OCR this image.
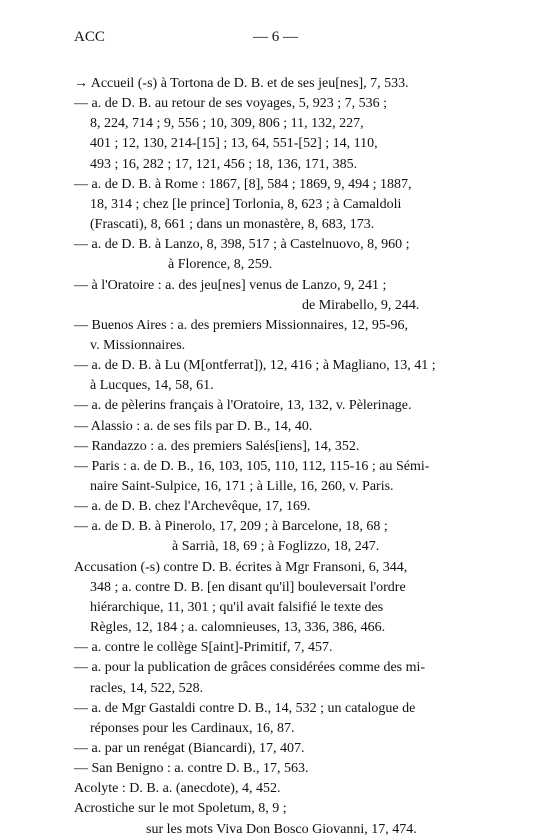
ACC	— 6 —
→ Accueil (-s) à Tortona de D. B. et de ses jeu[nes], 7, 533.
— a. de D. B. au retour de ses voyages, 5, 923 ; 7, 536 ;
8, 224, 714 ; 9, 556 ; 10, 309, 806 ; 11, 132, 227,
401 ; 12, 130, 214-[15] ; 13, 64, 551-[52] ; 14, 110,
493 ; 16, 282 ; 17, 121, 456 ; 18, 136, 171, 385.
— a. de D. B. à Rome : 1867, [8], 584 ; 1869, 9, 494 ; 1887,
18, 314 ; chez [le prince] Torlonia, 8, 623 ; à Camaldoli
(Frascati), 8, 661 ; dans un monastère, 8, 683, 173.
— a. de D. B. à Lanzo, 8, 398, 517 ; à Castelnuovo, 8, 960 ;
à Florence, 8, 259.
— à l'Oratoire : a. des jeu[nes] venus de Lanzo, 9, 241 ;
de Mirabello, 9, 244.
— Buenos Aires : a. des premiers Missionnaires, 12, 95-96,
v. Missionnaires.
— a. de D. B. à Lu (M[ontferrat]), 12, 416 ; à Magliano, 13, 41 ;
à Lucques, 14, 58, 61.
— a. de pèlerins français à l'Oratoire, 13, 132, v. Pèlerinage.
— Alassio : a. de ses fils par D. B., 14, 40.
— Randazzo : a. des premiers Salés[iens], 14, 352.
— Paris : a. de D. B., 16, 103, 105, 110, 112, 115-16 ; au Sémi-
naire Saint-Sulpice, 16, 171 ; à Lille, 16, 260, v. Paris.
— a. de D. B. chez l'Archevêque, 17, 169.
— a. de D. B. à Pinerolo, 17, 209 ; à Barcelone, 18, 68 ;
à Sarrià, 18, 69 ; à Foglizzo, 18, 247.
Accusation (-s) contre D. B. écrites à Mgr Fransoni, 6, 344,
348 ; a. contre D. B. [en disant qu'il] bouleversait l'ordre
hiérarchique, 11, 301 ; qu'il avait falsifié le texte des
Règles, 12, 184 ; a. calomnieuses, 13, 336, 386, 466.
— a. contre le collège S[aint]-Primitif, 7, 457.
— a. pour la publication de grâces considérées comme des mi-
racles, 14, 522, 528.
— a. de Mgr Gastaldi contre D. B., 14, 532 ; un catalogue de
réponses pour les Cardinaux, 16, 87.
— a. par un renégat (Biancardi), 17, 407.
— San Benigno : a. contre D. B., 17, 563.
Acolyte : D. B. a. (anecdote), 4, 452.
Acrostiche sur le mot Spoletum, 8, 9 ;
sur les mots Viva Don Bosco Giovanni, 17, 474.
